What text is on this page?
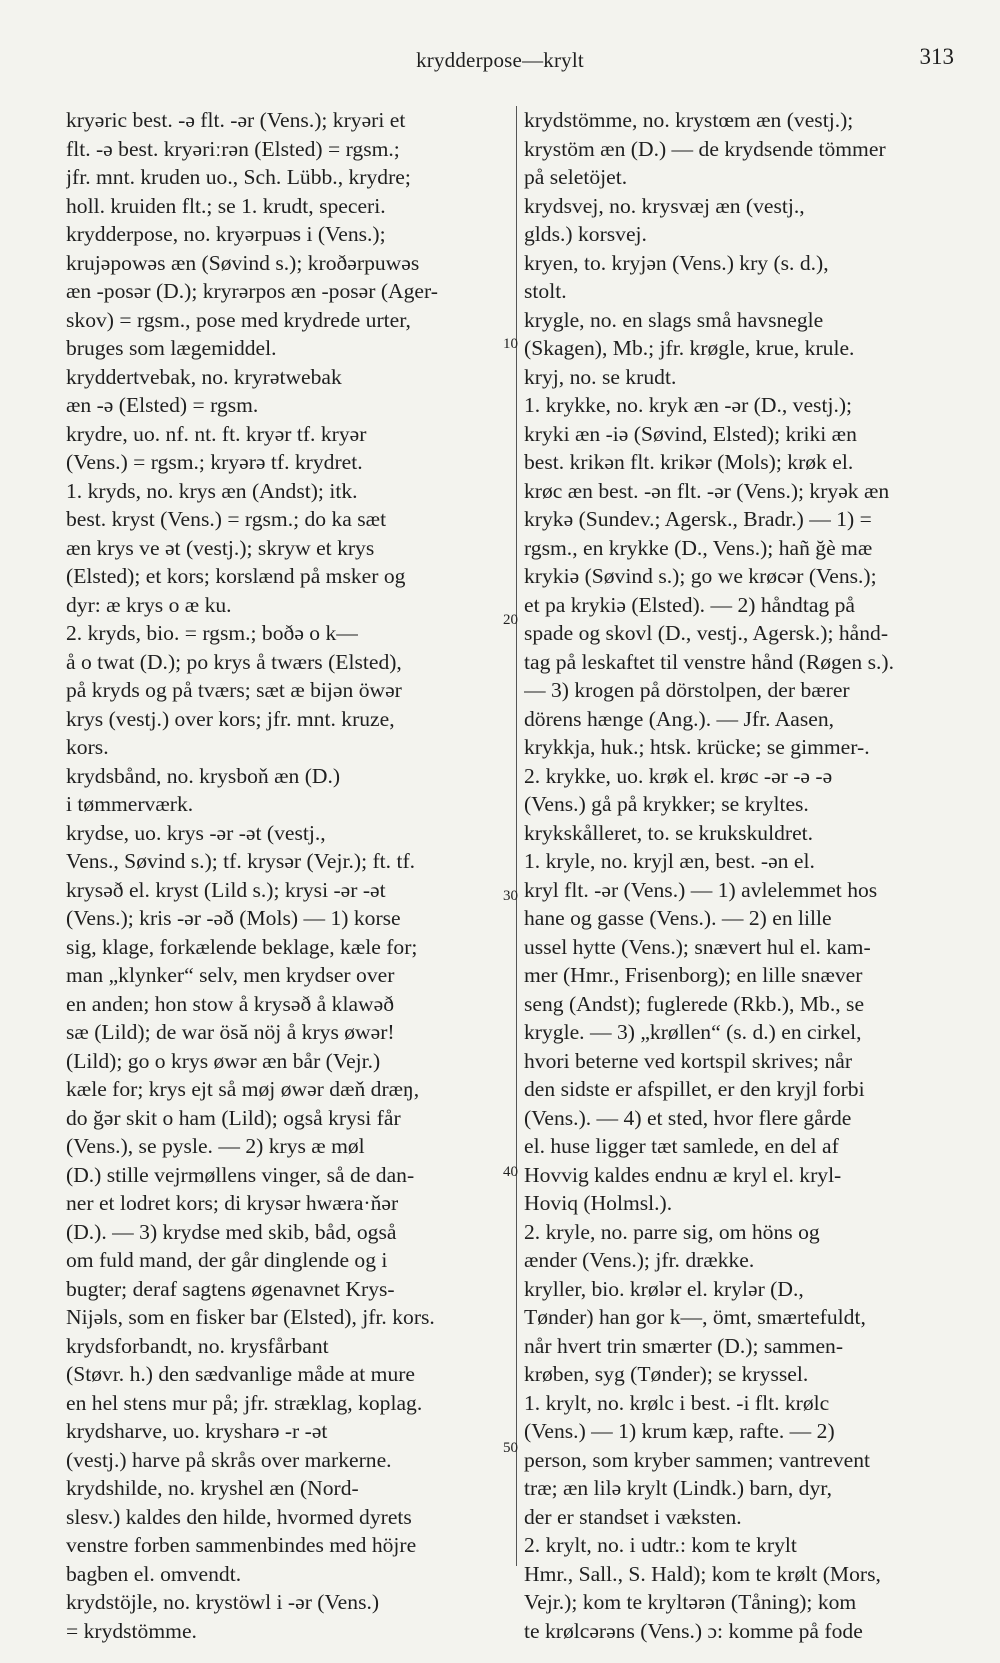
krydderpose—krylt	313
kryəric best. -ə flt. -ər (Vens.); kryəri et
flt. -ə best. kryəriːrən (Elsted) = rgsm.;
jfr. mnt. kruden uo., Sch. Lübb., krydre;
holl. kruiden flt.; se 1. krudt, speceri.
krydderpose, no. kryərpuəs i (Vens.);
krujəpowəs æn (Søvind s.); kroðərpuwəs
æn -posər (D.); kryrərpos æn -posər (Ager-
skov) = rgsm., pose med krydrede urter,
bruges som lægemiddel.
kryddertvebak, no. kryrətwebak
æn -ə (Elsted) = rgsm.
krydre, uo. nf. nt. ft. kryər tf. kryər
(Vens.) = rgsm.; kryərə tf. krydret.
1. kryds, no. krys æn (Andst); itk.
best. kryst (Vens.) = rgsm.; do ka sæt
æn krys ve ət (vestj.); skryw et krys
(Elsted); et kors; korslænd på msker og
dyr: æ krys o æ ku.
2. kryds, bio. = rgsm.; boðə o k—
å o twat (D.); po krys å twærs (Elsted),
på kryds og på tværs; sæt æ bijən öwər
krys (vestj.) over kors; jfr. mnt. kruze,
kors.
krydsbånd, no. krysboň æn (D.)
i tømmerværk.
krydse, uo. krys -ər -ət (vestj.,
Vens., Søvind s.); tf. krysər (Vejr.); ft. tf.
krysəð el. kryst (Lild s.); krysi -ər -ət
(Vens.); kris -ər -əð (Mols) — 1) korse
sig, klage, forkælende beklage, kæle for;
man „klynker“ selv, men krydser over
en anden; hon stow å krysəð å klawəð
sæ (Lild); de war ösă nöj å krys øwər!
(Lild); go o krys øwər æn bår (Vejr.)
kæle for; krys ejt så møj øwər dæň dræŋ,
do ğər skit o ham (Lild); også krysi får
(Vens.), se pysle. — 2) krys æ møl
(D.) stille vejrmøllens vinger, så de dan-
ner et lodret kors; di krysər hwæra·ňər
(D.). — 3) krydse med skib, båd, også
om fuld mand, der går dinglende og i
bugter; deraf sagtens øgenavnet Krys-
Nijəls, som en fisker bar (Elsted), jfr. kors.
krydsforbandt, no. krysfårbant
(Støvr. h.) den sædvanlige måde at mure
en hel stens mur på; jfr. stræklag, koplag.
krydsharve, uo. krysharə -r -ət
(vestj.) harve på skrås over markerne.
krydshilde, no. kryshel æn (Nord-
slesv.) kaldes den hilde, hvormed dyrets
venstre forben sammenbindes med höjre
bagben el. omvendt.
krydstöjle, no. krystöwl i -ər (Vens.)
= krydstömme.
10
20
30
40
50
krydstömme, no. krystœm æn (vestj.);
krystöm æn (D.) — de krydsende tömmer
på seletöjet.
krydsvej, no. krysvæj æn (vestj.,
glds.) korsvej.
kryen, to. kryjən (Vens.) kry (s. d.),
stolt.
krygle, no. en slags små havsnegle
(Skagen), Mb.; jfr. krøgle, krue, krule.
kryj, no. se krudt.
1. krykke, no. kryk æn -ər (D., vestj.);
kryki æn -iə (Søvind, Elsted); kriki æn
best. krikən flt. krikər (Mols); krøk el.
krøc æn best. -ən flt. -ər (Vens.); kryək æn
krykə (Sundev.; Agersk., Bradr.) — 1) =
rgsm., en krykke (D., Vens.); hañ ğè mæ
krykiə (Søvind s.); go we krøcər (Vens.);
et pa krykiə (Elsted). — 2) håndtag på
spade og skovl (D., vestj., Agersk.); hånd-
tag på leskaftet til venstre hånd (Røgen s.).
— 3) krogen på dörstolpen, der bærer
dörens hænge (Ang.). — Jfr. Aasen,
krykkja, huk.; htsk. krücke; se gimmer-.
2. krykke, uo. krøk el. krøc -ər -ə -ə
(Vens.) gå på krykker; se kryltes.
krykskålleret, to. se krukskuldret.
1. kryle, no. kryjl æn, best. -ən el.
kryl flt. -ər (Vens.) — 1) avlelemmet hos
hane og gasse (Vens.). — 2) en lille
ussel hytte (Vens.); snævert hul el. kam-
mer (Hmr., Frisenborg); en lille snæver
seng (Andst); fuglerede (Rkb.), Mb., se
krygle. — 3) „krøllen“ (s. d.) en cirkel,
hvori beterne ved kortspil skrives; når
den sidste er afspillet, er den kryjl forbi
(Vens.). — 4) et sted, hvor flere gårde
el. huse ligger tæt samlede, en del af
Hovvig kaldes endnu æ kryl el. kryl-
Hoviq (Holmsl.).
2. kryle, no. parre sig, om höns og
ænder (Vens.); jfr. drække.
kryller, bio. krølər el. krylər (D.,
Tønder) han gor k—, ömt, smærtefuldt,
når hvert trin smærter (D.); sammen-
krøben, syg (Tønder); se kryssel.
1. krylt, no. krølc i best. -i flt. krølc
(Vens.) — 1) krum kæp, rafte. — 2)
person, som kryber sammen; vantrevent
træ; æn lilə krylt (Lindk.) barn, dyr,
der er standset i væksten.
2. krylt, no. i udtr.: kom te krylt
Hmr., Sall., S. Hald); kom te krølt (Mors,
Vejr.); kom te kryltərən (Tåning); kom
te krølcərəns (Vens.) ɔ: komme på fode
